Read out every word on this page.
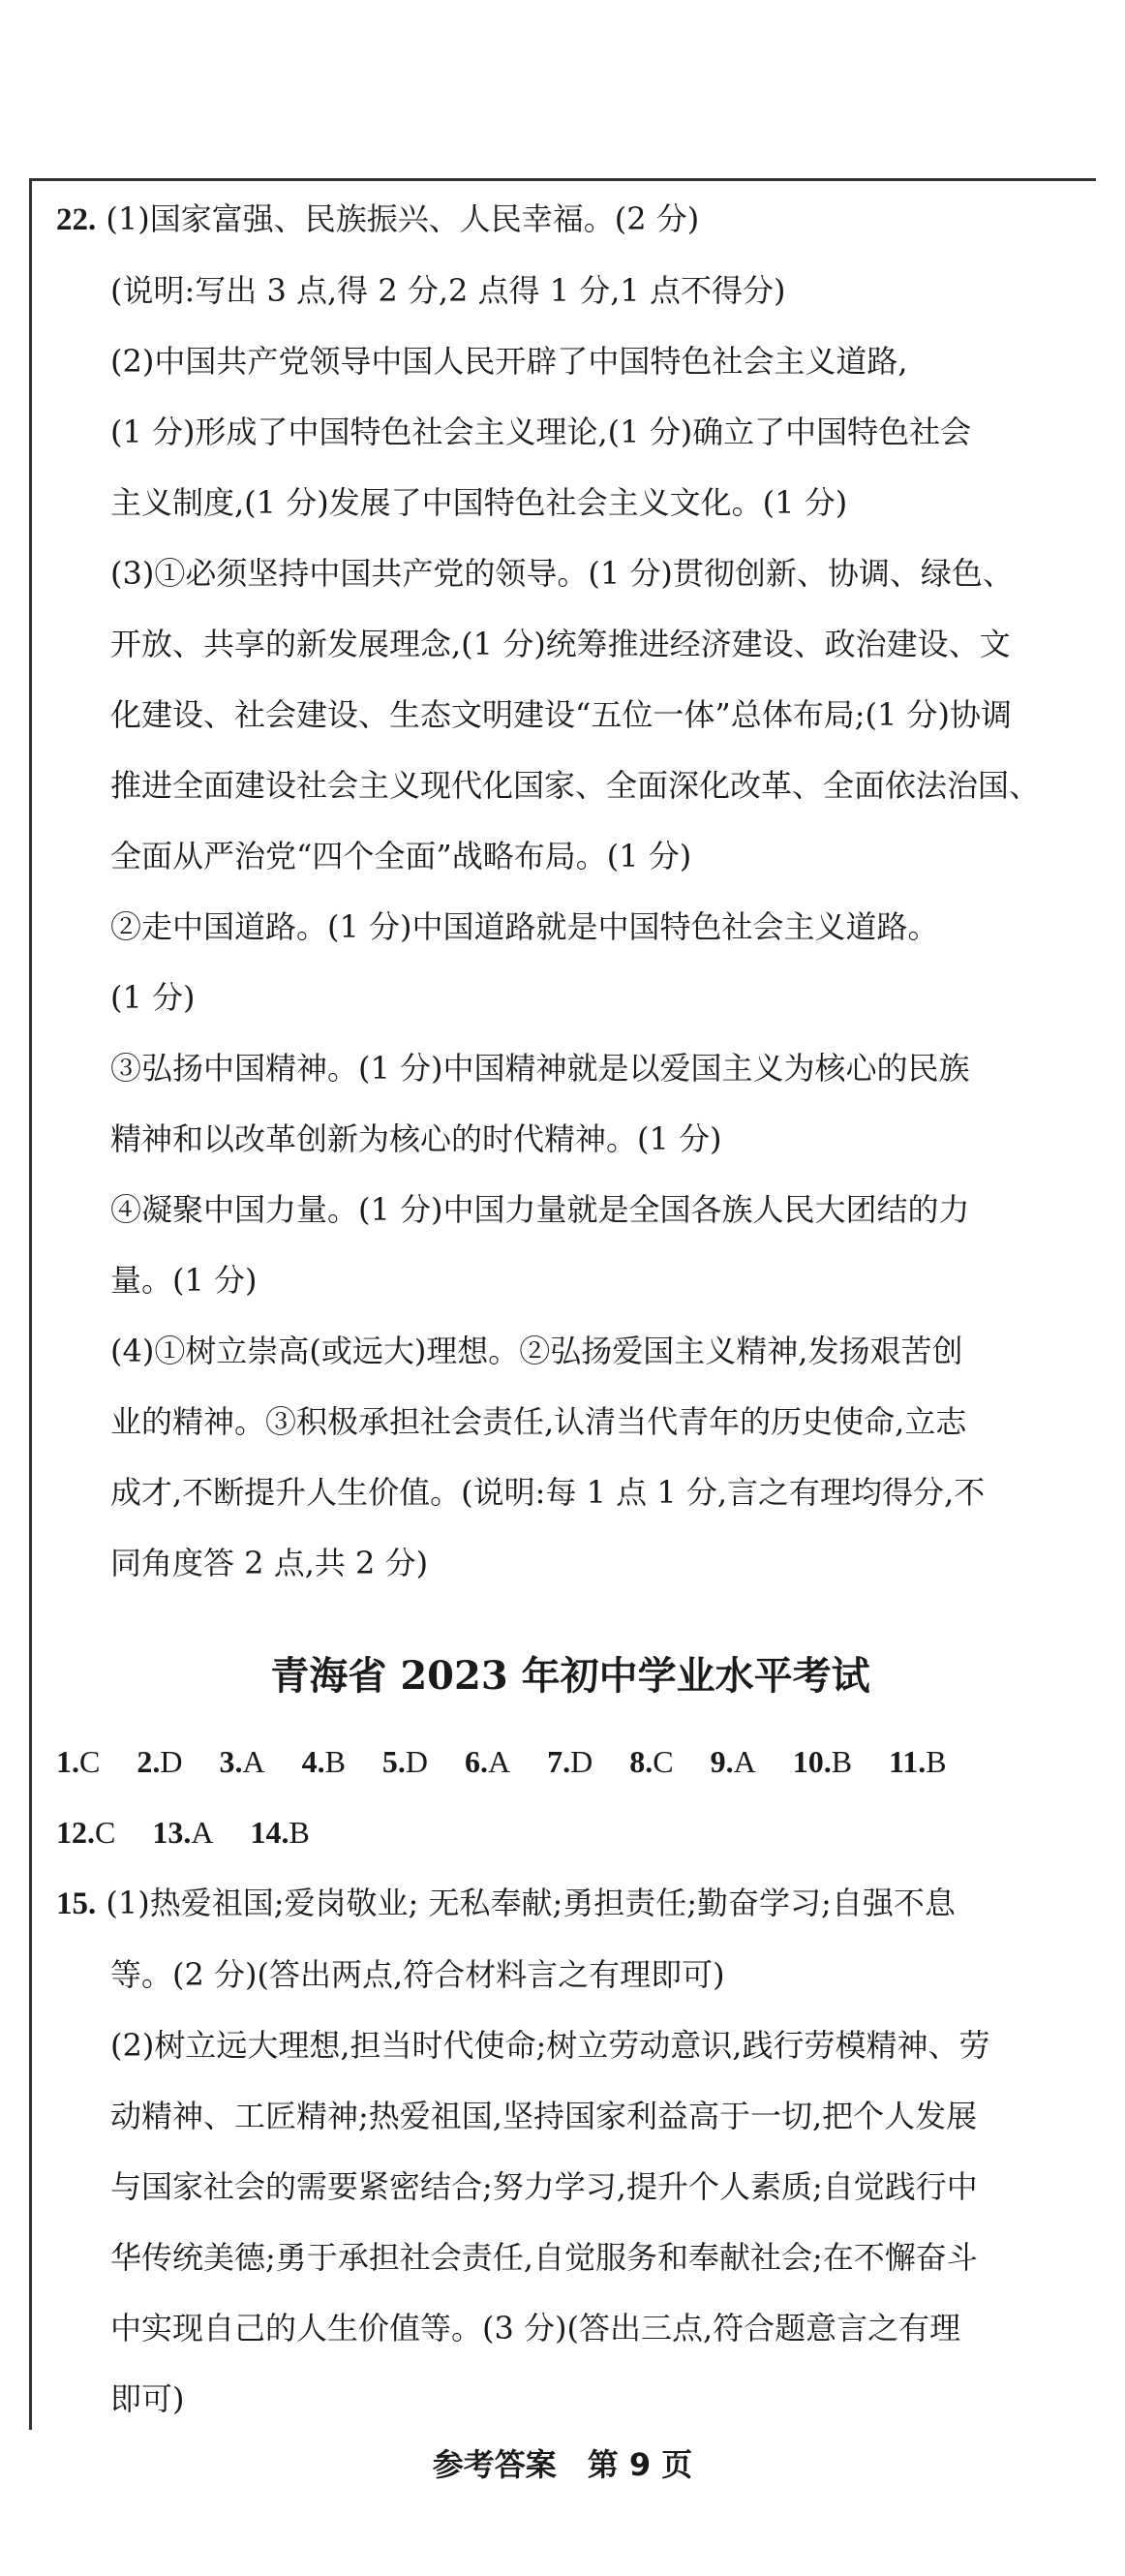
22. (1)国家富强、民族振兴、人民幸福。(2 分)
(说明:写出 3 点,得 2 分,2 点得 1 分,1 点不得分)
(2)中国共产党领导中国人民开辟了中国特色社会主义道路,
(1 分)形成了中国特色社会主义理论,(1 分)确立了中国特色社会
主义制度,(1 分)发展了中国特色社会主义文化。(1 分)
(3)①必须坚持中国共产党的领导。(1 分)贯彻创新、协调、绿色、
开放、共享的新发展理念,(1 分)统筹推进经济建设、政治建设、文
化建设、社会建设、生态文明建设“五位一体”总体布局;(1 分)协调
推进全面建设社会主义现代化国家、全面深化改革、全面依法治国、
全面从严治党“四个全面”战略布局。(1 分)
②走中国道路。(1 分)中国道路就是中国特色社会主义道路。
(1 分)
③弘扬中国精神。(1 分)中国精神就是以爱国主义为核心的民族
精神和以改革创新为核心的时代精神。(1 分)
④凝聚中国力量。(1 分)中国力量就是全国各族人民大团结的力
量。(1 分)
(4)①树立崇高(或远大)理想。②弘扬爱国主义精神,发扬艰苦创
业的精神。③积极承担社会责任,认清当代青年的历史使命,立志
成才,不断提升人生价值。(说明:每 1 点 1 分,言之有理均得分,不
同角度答 2 点,共 2 分)
青海省 2023 年初中学业水平考试
1.C 2.D 3.A 4.B 5.D 6.A 7.D 8.C 9.A 10.B 11.B
12.C 13.A 14.B
15. (1)热爱祖国;爱岗敬业; 无私奉献;勇担责任;勤奋学习;自强不息
等。(2 分)(答出两点,符合材料言之有理即可)
(2)树立远大理想,担当时代使命;树立劳动意识,践行劳模精神、劳
动精神、工匠精神;热爱祖国,坚持国家利益高于一切,把个人发展
与国家社会的需要紧密结合;努力学习,提升个人素质;自觉践行中
华传统美德;勇于承担社会责任,自觉服务和奉献社会;在不懈奋斗
中实现自己的人生价值等。(3 分)(答出三点,符合题意言之有理
即可)
参考答案　第 9 页
